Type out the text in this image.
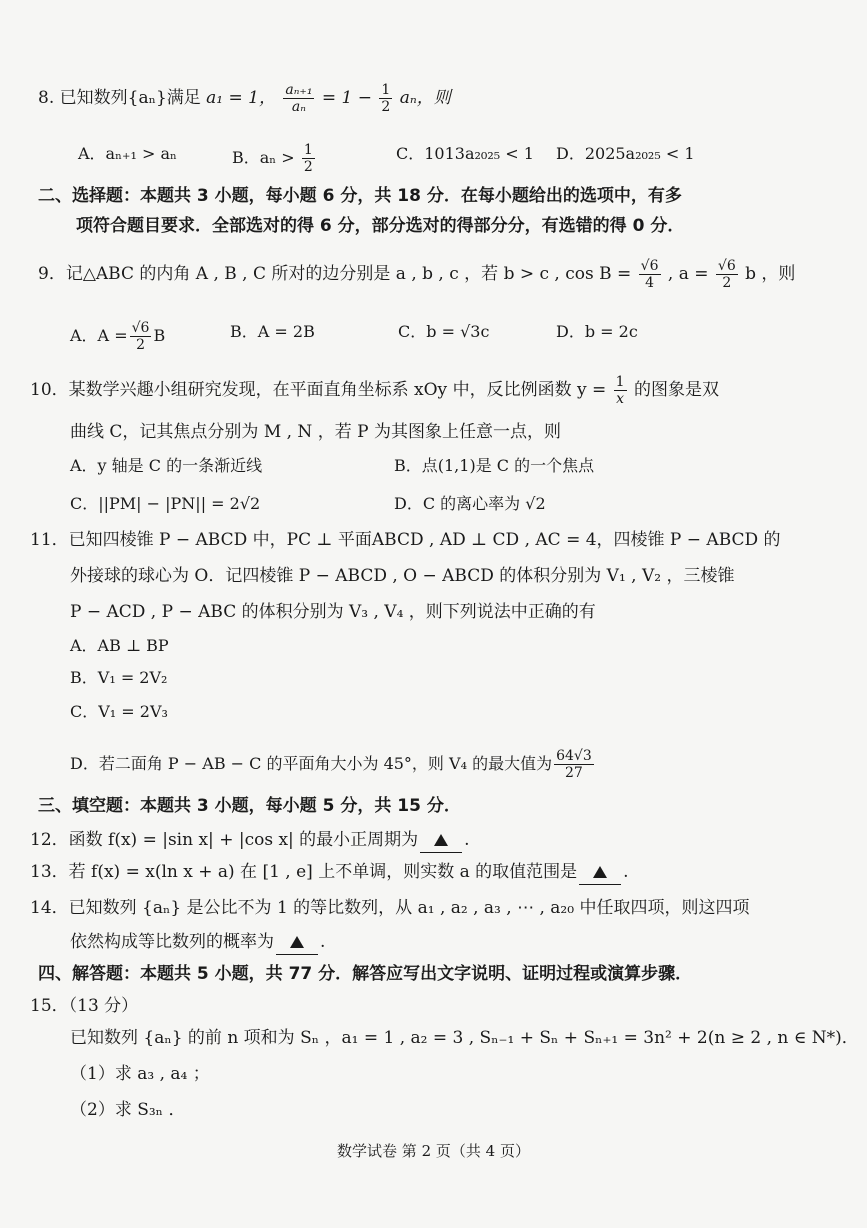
8. 已知数列{aₙ}满足 a₁ = 1， $\frac{\text{aₙ₊₁}}{\text{aₙ}} = 1 - \frac{1}{2}$ aₙ，则
A．aₙ₊₁ > aₙ	B．$a_n > \frac{1}{2}$	C．1013a₂₀₂₅ < 1 D．2025a₂₀₂₅ < 1
二、选择题：本题共 3 小题，每小题 6 分，共 18 分．在每小题给出的选项中，有多
项符合题目要求．全部选对的得 6 分，部分选对的得部分分，有选错的得 0 分．
9．记△ABC 的内角 A , B , C 所对的边分别是 a , b , c ，若 b > c , $\cos B = \frac{√6}{4}$ , $a = \frac{√6}{2}$ b ，则
A．$A = \frac{√6}{2}$ B	B．A = 2B	C．b = √3c	D．b = 2c
10．某数学兴趣小组研究发现，在平面直角坐标系 xOy 中，反比例函数 $y = \frac{1}{x}$ 的图象是双
曲线 C，记其焦点分别为 M , N ，若 P 为其图象上任意一点，则
A．y 轴是 C 的一条渐近线	B．点(1,1)是 C 的一个焦点
C．||PM| − |PN|| = 2√2	D．C 的离心率为 √2
11．已知四棱锥 P − ABCD 中，PC ⊥ 平面ABCD , AD ⊥ CD , AC = 4，四棱锥 P − ABCD 的
外接球的球心为 O．记四棱锥 P − ABCD , O − ABCD 的体积分别为 V₁ , V₂ ，三棱锥
P − ACD , P − ABC 的体积分别为 V₃ , V₄ ，则下列说法中正确的有
A．AB ⊥ BP
B．V₁ = 2V₂
C．V₁ = 2V₃
D．若二面角 P − AB − C 的平面角大小为 45°，则 V₄ 的最大值为 $\frac{64√3}{27}$
三、填空题：本题共 3 小题，每小题 5 分，共 15 分．
12．函数 f(x) = |sin x| + |cos x| 的最小正周期为	.
13．若 f(x) = x(ln x + a) 在 [1 , e] 上不单调，则实数 a 的取值范围是	.
14．已知数列 {aₙ} 是公比不为 1 的等比数列，从 a₁ , a₂ , a₃ , ⋯ , a₂₀ 中任取四项，则这四项
依然构成等比数列的概率为	.
四、解答题：本题共 5 小题，共 77 分．解答应写出文字说明、证明过程或演算步骤．
15．（13 分）
已知数列 {aₙ} 的前 n 项和为 Sₙ ，a₁ = 1 , a₂ = 3 , Sₙ₋₁ + Sₙ + Sₙ₊₁ = 3n² + 2(n ≥ 2 , n ∈ N*)．
（1）求 a₃ , a₄ ；
（2）求 S₃ₙ ．
数学试卷 第 2 页（共 4 页）
